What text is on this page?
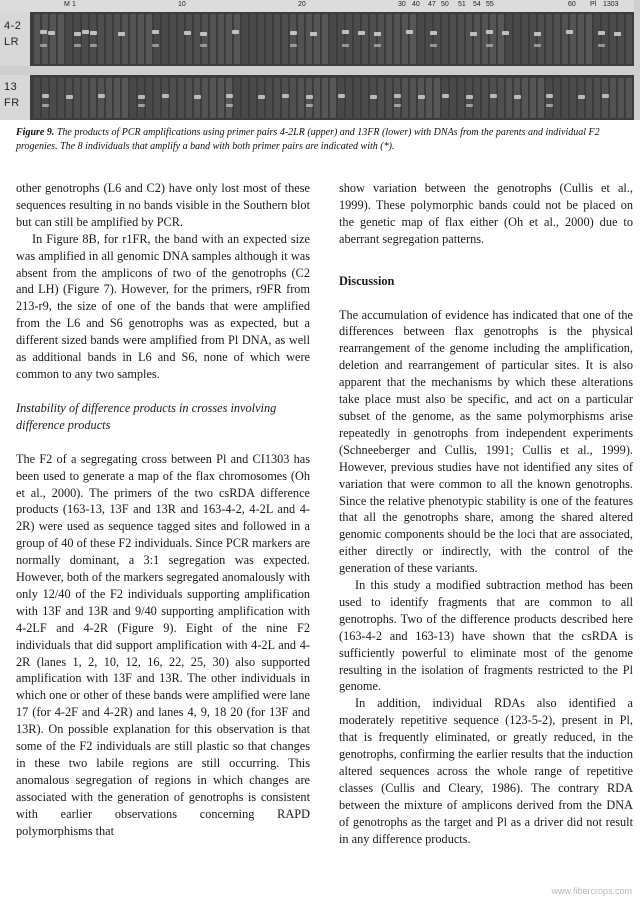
M 1	10	20	30 40 47 50 51 54 55	60 Pl 1303
4-2
LR
13
FR
Figure 9. The products of PCR amplifications using primer pairs 4-2LR (upper) and 13FR (lower) with DNAs from the parents and individual F2 progenies. The 8 individuals that amplify a band with both primer pairs are indicated with (*).

other genotrophs (L6 and C2) have only lost most of these sequences resulting in no bands visible in the Southern blot but can still be amplified by PCR.

In Figure 8B, for r1FR, the band with an expected size was amplified in all genomic DNA samples although it was absent from the amplicons of two of the genotrophs (C2 and LH) (Figure 7). However, for the primers, r9FR from 213-r9, the size of one of the bands that were amplified from the L6 and S6 genotrophs was as expected, but a different sized bands were amplified from Pl DNA, as well as additional bands in L6 and S6, none of which were common to any two samples.

Instability of difference products in crosses involving difference products

The F2 of a segregating cross between Pl and CI1303 has been used to generate a map of the flax chromosomes (Oh et al., 2000). The primers of the two csRDA difference products (163-13, 13F and 13R and 163-4-2, 4-2L and 4-2R) were used as sequence tagged sites and followed in a group of 40 of these F2 individuals. Since PCR markers are normally dominant, a 3:1 segregation was expected. However, both of the markers segregated anomalously with only 12/40 of the F2 individuals supporting amplification with 13F and 13R and 9/40 supporting amplification with 4-2LF and 4-2R (Figure 9). Eight of the nine F2 individuals that did support amplification with 4-2L and 4-2R (lanes 1, 2, 10, 12, 16, 22, 25, 30) also supported amplification with 13F and 13R. The other individuals in which one or other of these bands were amplified were lane 17 (for 4-2F and 4-2R) and lanes 4, 9, 18 20 (for 13F and 13R). On possible explanation for this observation is that some of the F2 individuals are still plastic so that changes in these two labile regions are still occurring. This anomalous segregation of regions in which changes are associated with the generation of genotrophs is consistent with earlier observations concerning RAPD polymorphisms that

show variation between the genotrophs (Cullis et al., 1999). These polymorphic bands could not be placed on the genetic map of flax either (Oh et al., 2000) due to aberrant segregation patterns.

Discussion

The accumulation of evidence has indicated that one of the differences between flax genotrophs is the physical rearrangement of the genome including the amplification, deletion and rearrangement of particular sites. It is also apparent that the mechanisms by which these alterations take place must also be specific, and act on a particular subset of the genome, as the same polymorphisms arise repeatedly in genotrophs from independent experiments (Schneeberger and Cullis, 1991; Cullis et al., 1999). However, previous studies have not identified any sites of variation that were common to all the known genotrophs. Since the relative phenotypic stability is one of the features that all the genotrophs share, among the shared altered genomic components should be the loci that are associated, either directly or indirectly, with the control of the generation of these variants.

In this study a modified subtraction method has been used to identify fragments that are common to all genotrophs. Two of the difference products described here (163-4-2 and 163-13) have shown that the csRDA is sufficiently powerful to eliminate most of the genome resulting in the isolation of fragments restricted to the Pl genome.

In addition, individual RDAs also identified a moderately repetitive sequence (123-5-2), present in Pl, that is frequently eliminated, or greatly reduced, in the genotrophs, confirming the earlier results that the induction altered sequences across the whole range of repetitive classes (Cullis and Cleary, 1986). The contrary RDA between the mixture of amplicons derived from the DNA of genotrophs as the target and Pl as a driver did not result in any difference products.

www.fibercrops.com
